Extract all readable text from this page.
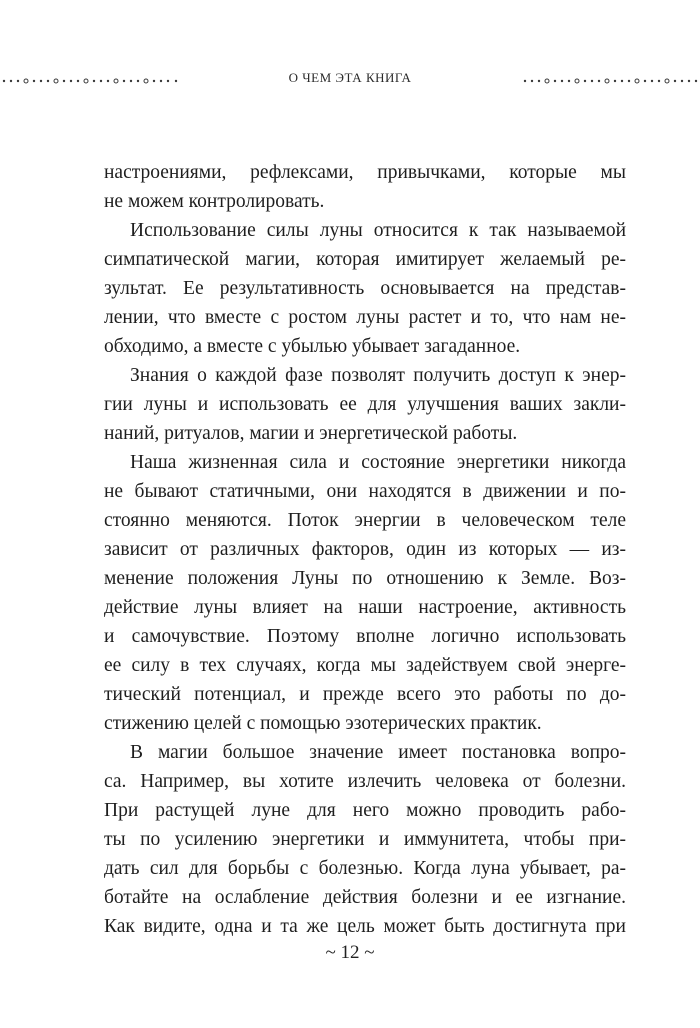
О ЧЕМ ЭТА КНИГА
настроениями, рефлексами, привычками, которые мы
не можем контролировать.
Использование силы луны относится к так называемой
симпатической магии, которая имитирует желаемый ре-
зультат. Ее результативность основывается на представ-
лении, что вместе с ростом луны растет и то, что нам не-
обходимо, а вместе с убылью убывает загаданное.
Знания о каждой фазе позволят получить доступ к энер-
гии луны и использовать ее для улучшения ваших закли-
наний, ритуалов, магии и энергетической работы.
Наша жизненная сила и состояние энергетики никогда
не бывают статичными, они находятся в движении и по-
стоянно меняются. Поток энергии в человеческом теле
зависит от различных факторов, один из которых — из-
менение положения Луны по отношению к Земле. Воз-
действие луны влияет на наши настроение, активность
и самочувствие. Поэтому вполне логично использовать
ее силу в тех случаях, когда мы задействуем свой энерге-
тический потенциал, и прежде всего это работы по до-
стижению целей с помощью эзотерических практик.
В магии большое значение имеет постановка вопро-
са. Например, вы хотите излечить человека от болезни.
При растущей луне для него можно проводить рабо-
ты по усилению энергетики и иммунитета, чтобы при-
дать сил для борьбы с болезнью. Когда луна убывает, ра-
ботайте на ослабление действия болезни и ее изгнание.
Как видите, одна и та же цель может быть достигнута при
~ 12 ~
